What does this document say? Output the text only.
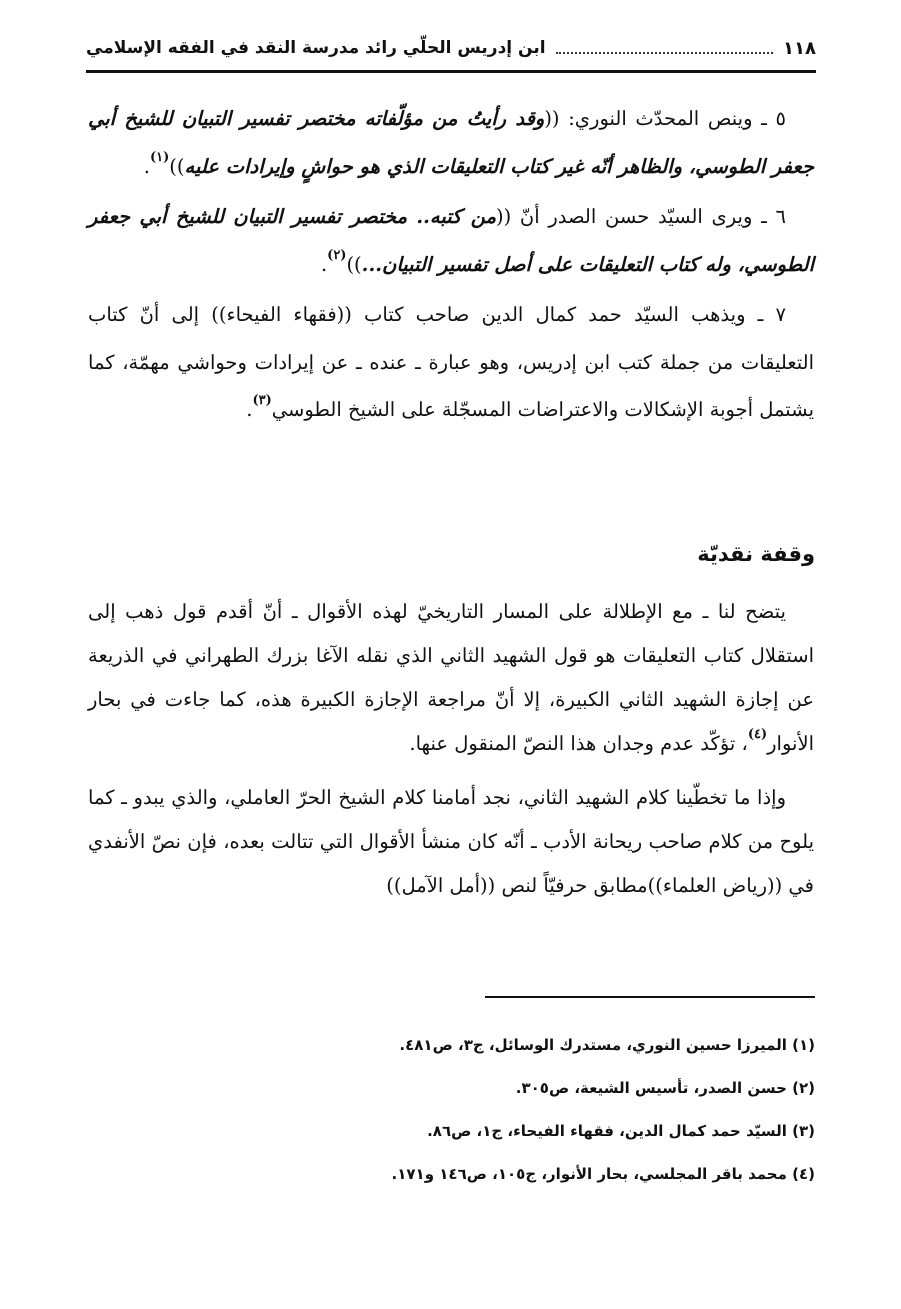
ابن إدريس الحلّي رائد مدرسة النقد في الفقه الإسلامي	١١٨

٥ ـ وينص المحدّث النوري: ((وقد رأيتُ من مؤلّفاته مختصر تفسير التبيان للشيخ أبي جعفر الطوسي، والظاهر أنّه غير كتاب التعليقات الذي هو حواشٍ وإيرادات عليه))$^{(١)}$.

٦ ـ ويرى السيّد حسن الصدر أنّ ((من كتبه.. مختصر تفسير التبيان للشيخ أبي جعفر الطوسي، وله كتاب التعليقات على أصل تفسير التبيان...))$^{(٢)}$.

٧ ـ ويذهب السيّد حمد كمال الدين صاحب كتاب ((فقهاء الفيحاء)) إلى أنّ كتاب التعليقات من جملة كتب ابن إدريس، وهو عبارة ـ عنده ـ عن إيرادات وحواشي مهمّة، كما يشتمل أجوبة الإشكالات والاعتراضات المسجّلة على الشيخ الطوسي$^{(٣)}$.

وقفة نقديّة

يتضح لنا ـ مع الإطلالة على المسار التاريخيّ لهذه الأقوال ـ أنّ أقدم قول ذهب إلى استقلال كتاب التعليقات هو قول الشهيد الثاني الذي نقله الآغا بزرك الطهراني في الذريعة عن إجازة الشهيد الثاني الكبيرة، إلا أنّ مراجعة الإجازة الكبيرة هذه، كما جاءت في بحار الأنوار$^{(٤)}$، تؤكّد عدم وجدان هذا النصّ المنقول عنها.

وإذا ما تخطّينا كلام الشهيد الثاني، نجد أمامنا كلام الشيخ الحرّ العاملي، والذي يبدو ـ كما يلوح من كلام صاحب ريحانة الأدب ـ أنّه كان منشأ الأقوال التي تتالت بعده، فإن نصّ الأنفدي في ((رياض العلماء))مطابق حرفيّاً لنص ((أمل الآمل))

(١) الميرزا حسين النوري، مستدرك الوسائل، ج٣، ص٤٨١.
(٢) حسن الصدر، تأسيس الشيعة، ص٣٠٥.
(٣) السيّد حمد كمال الدين، فقهاء الفيحاء، ج١، ص٨٦.
(٤) محمد باقر المجلسي، بحار الأنوار، ج١٠٥، ص١٤٦ و١٧١.
